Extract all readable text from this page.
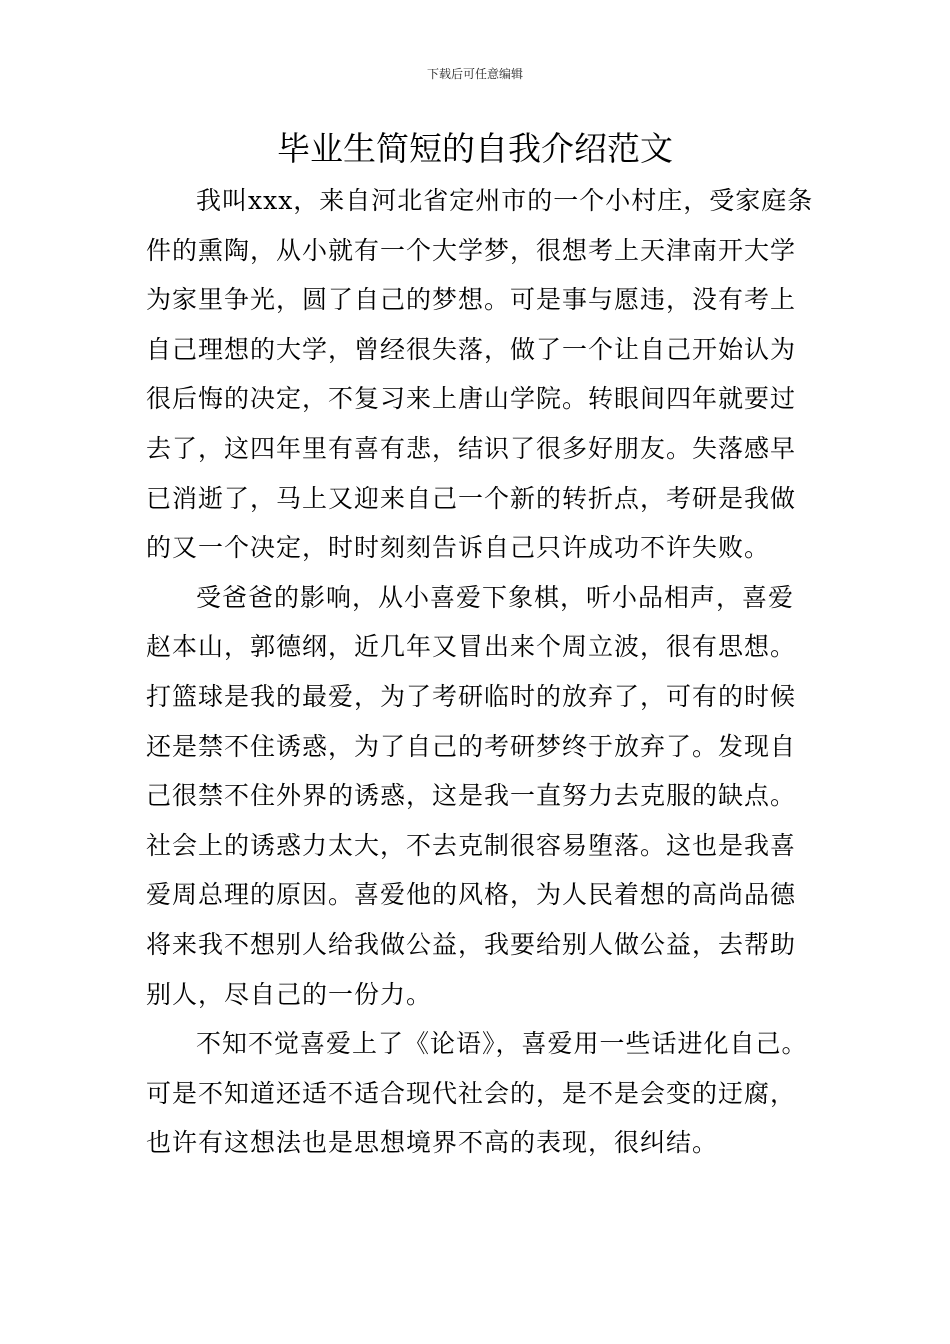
下载后可任意编辑
毕业生简短的自我介绍范文

我叫xxx，来自河北省定州市的一个小村庄，受家庭条
件的熏陶，从小就有一个大学梦，很想考上天津南开大学
为家里争光，圆了自己的梦想。可是事与愿违，没有考上
自己理想的大学，曾经很失落，做了一个让自己开始认为
很后悔的决定，不复习来上唐山学院。转眼间四年就要过
去了，这四年里有喜有悲，结识了很多好朋友。失落感早
已消逝了，马上又迎来自己一个新的转折点，考研是我做
的又一个决定，时时刻刻告诉自己只许成功不许失败。

受爸爸的影响，从小喜爱下象棋，听小品相声，喜爱
赵本山，郭德纲，近几年又冒出来个周立波，很有思想。
打篮球是我的最爱，为了考研临时的放弃了，可有的时候
还是禁不住诱惑，为了自己的考研梦终于放弃了。发现自
己很禁不住外界的诱惑，这是我一直努力去克服的缺点。
社会上的诱惑力太大，不去克制很容易堕落。这也是我喜
爱周总理的原因。喜爱他的风格，为人民着想的高尚品德
将来我不想别人给我做公益，我要给别人做公益，去帮助
别人，尽自己的一份力。

不知不觉喜爱上了《论语》，喜爱用一些话进化自己。
可是不知道还适不适合现代社会的，是不是会变的迂腐，
也许有这想法也是思想境界不高的表现，很纠结。
